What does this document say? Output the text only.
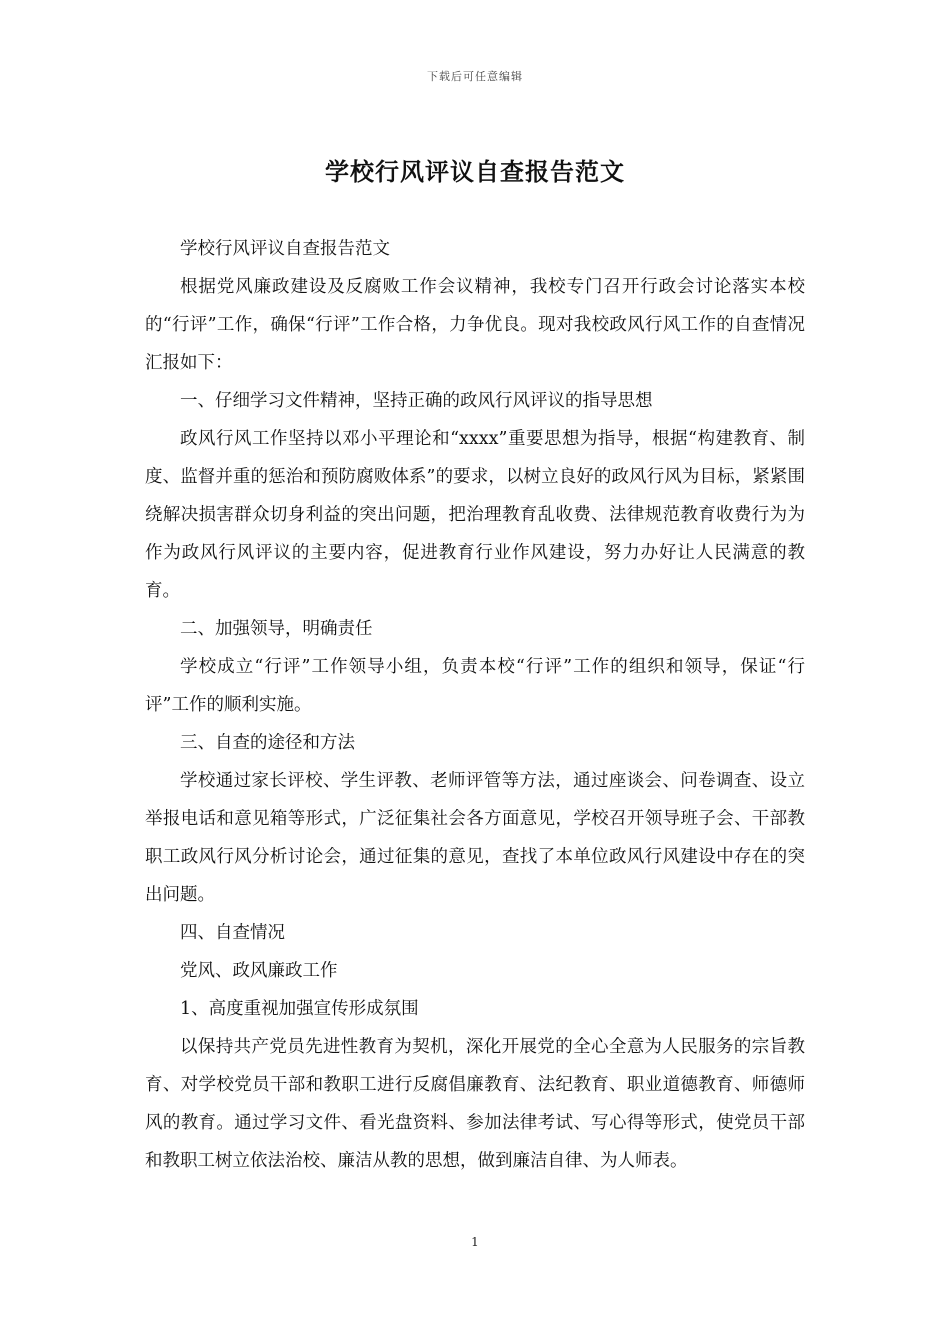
下载后可任意编辑
学校行风评议自查报告范文

学校行风评议自查报告范文

根据党风廉政建设及反腐败工作会议精神，我校专门召开行政会讨论落实本校的“行评”工作，确保“行评”工作合格，力争优良。现对我校政风行风工作的自查情况汇报如下：

一、仔细学习文件精神，坚持正确的政风行风评议的指导思想

政风行风工作坚持以邓小平理论和“xxxx”重要思想为指导，根据“构建教育、制度、监督并重的惩治和预防腐败体系”的要求，以树立良好的政风行风为目标，紧紧围绕解决损害群众切身利益的突出问题，把治理教育乱收费、法律规范教育收费行为为作为政风行风评议的主要内容，促进教育行业作风建设，努力办好让人民满意的教育。

二、加强领导，明确责任

学校成立“行评”工作领导小组，负责本校“行评”工作的组织和领导，保证“行评”工作的顺利实施。

三、自查的途径和方法

学校通过家长评校、学生评教、老师评管等方法，通过座谈会、问卷调查、设立举报电话和意见箱等形式，广泛征集社会各方面意见，学校召开领导班子会、干部教职工政风行风分析讨论会，通过征集的意见，查找了本单位政风行风建设中存在的突出问题。

四、自查情况

党风、政风廉政工作

1、高度重视加强宣传形成氛围

以保持共产党员先进性教育为契机，深化开展党的全心全意为人民服务的宗旨教育、对学校党员干部和教职工进行反腐倡廉教育、法纪教育、职业道德教育、师德师风的教育。通过学习文件、看光盘资料、参加法律考试、写心得等形式，使党员干部和教职工树立依法治校、廉洁从教的思想，做到廉洁自律、为人师表。

1
